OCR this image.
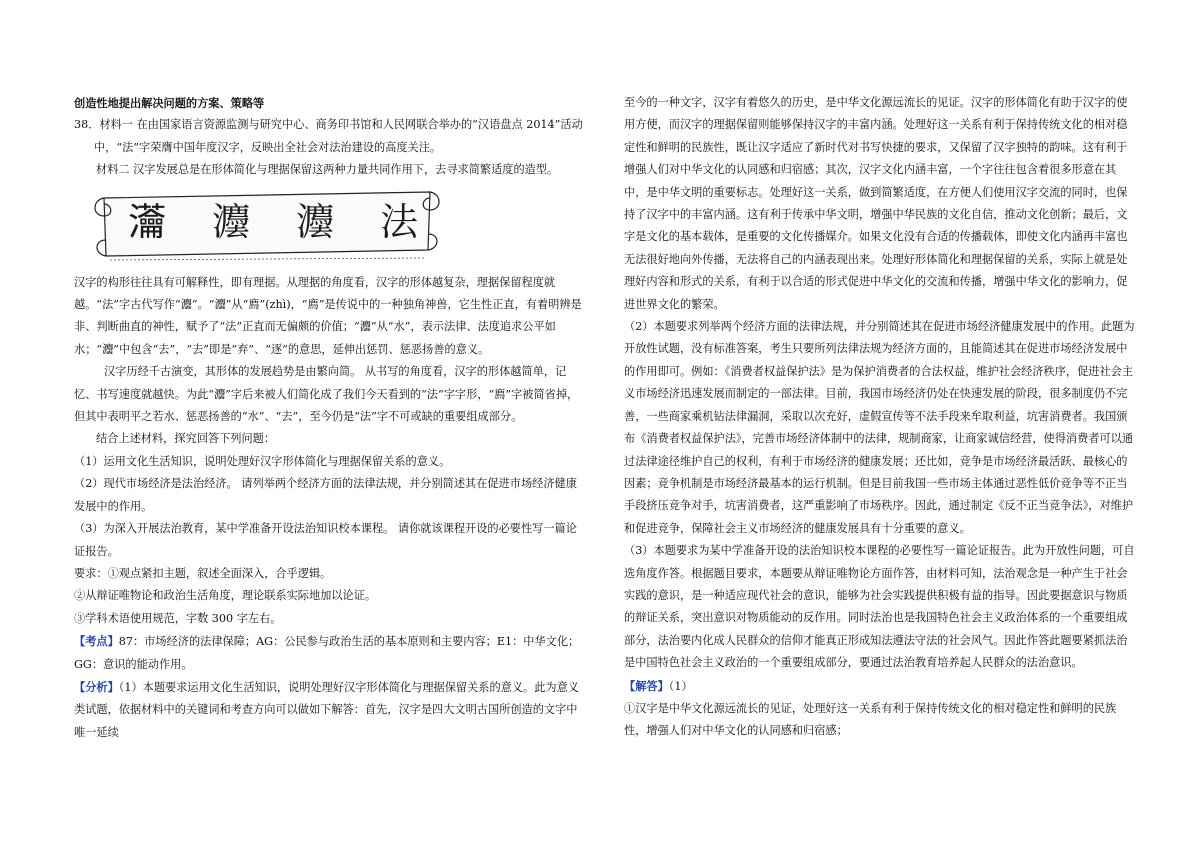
创造性地提出解决问题的方案、策略等

38．材料一 在由国家语言资源监测与研究中心、商务印书馆和人民网联合举办的“汉语盘点 2014”活动中，“法”字荣膺中国年度汉字，反映出全社会对法治建设的高度关注。

材料二 汉字发展总是在形体简化与理据保留这两种力量共同作用下，去寻求简繁适度的造型。

𤅢 灋 灋 法

汉字的构形往往具有可解释性，即有理据。从理据的角度看，汉字的形体越复杂，理据保留程度就越。“法”字古代写作“灋”。“灋”从“廌”(zhì)，“廌”是传说中的一种独角神兽，它生性正直，有着明辨是非、判断曲直的神性，赋予了“法”正直而无偏颇的价值；“灋”从“水”，表示法律、法度追求公平如水；“灋”中包含“去”，“去”即是“弃”、“逐”的意思，延伸出惩罚、惩恶扬善的意义。

汉字历经千古演变，其形体的发展趋势是由繁向简。 从书写的角度看，汉字的形体越简单，记忆、书写速度就越快。为此“灋”字后来被人们简化成了我们今天看到的“法”字字形，“廌”字被简省掉，但其中表明平之若水、惩恶扬善的“水”、“去”，至今仍是“法”字不可或缺的重要组成部分。

结合上述材料，探究回答下列问题：

（1）运用文化生活知识，说明处理好汉字形体简化与理据保留关系的意义。

（2）现代市场经济是法治经济。 请列举两个经济方面的法律法规，并分别简述其在促进市场经济健康发展中的作用。

（3）为深入开展法治教育，某中学准备开设法治知识校本课程。 请你就该课程开设的必要性写一篇论证报告。

要求：①观点紧扣主题，叙述全面深入，合乎逻辑。

②从辩证唯物论和政治生活角度，理论联系实际地加以论证。

③学科术语使用规范，字数 300 字左右。

【考点】87：市场经济的法律保障；AG：公民参与政治生活的基本原则和主要内容；E1：中华文化；GG：意识的能动作用。

【分析】（1）本题要求运用文化生活知识，说明处理好汉字形体简化与理据保留关系的意义。此为意义类试题，依据材料中的关键词和考查方向可以做如下解答：首先，汉字是四大文明古国所创造的文字中唯一延续

至今的一种文字，汉字有着悠久的历史，是中华文化源远流长的见证。汉字的形体简化有助于汉字的使用方便，而汉字的理据保留则能够保持汉字的丰富内涵。处理好这一关系有利于保持传统文化的相对稳定性和鲜明的民族性，既让汉字适应了新时代对书写快捷的要求，又保留了汉字独特的韵味。这有利于增强人们对中华文化的认同感和归宿感；其次，汉字文化内涵丰富，一个字往往包含着很多形意在其中，是中华文明的重要标志。处理好这一关系，做到简繁适度，在方便人们使用汉字交流的同时，也保持了汉字中的丰富内涵。这有利于传承中华文明，增强中华民族的文化自信，推动文化创新；最后，文字是文化的基本载体，是重要的文化传播媒介。如果文化没有合适的传播载体，即使文化内涵再丰富也无法很好地向外传播，无法将自己的内涵表现出来。处理好形体简化和理据保留的关系，实际上就是处理好内容和形式的关系，有利于以合适的形式促进中华文化的交流和传播，增强中华文化的影响力，促进世界文化的繁荣。

（2）本题要求列举两个经济方面的法律法规，并分别简述其在促进市场经济健康发展中的作用。此题为开放性试题，没有标准答案，考生只要所列法律法规为经济方面的，且能简述其在促进市场经济发展中的作用即可。例如：《消费者权益保护法》是为保护消费者的合法权益，维护社会经济秩序，促进社会主义市场经济迅速发展而制定的一部法律。目前，我国市场经济仍处在快速发展的阶段，很多制度仍不完善，一些商家乘机钻法律漏洞，采取以次充好，虚假宣传等不法手段来牟取利益，坑害消费者。我国颁布《消费者权益保护法》，完善市场经济体制中的法律，规制商家，让商家诚信经营，使得消费者可以通过法律途径维护自己的权利，有利于市场经济的健康发展；还比如，竞争是市场经济最活跃、最核心的因素；竞争机制是市场经济最基本的运行机制。但是目前我国一些市场主体通过恶性低价竞争等不正当手段挤压竞争对手，坑害消费者，这严重影响了市场秩序。因此，通过制定《反不正当竞争法》，对维护和促进竞争，保障社会主义市场经济的健康发展具有十分重要的意义。

（3）本题要求为某中学准备开设的法治知识校本课程的必要性写一篇论证报告。此为开放性问题，可自选角度作答。根据题目要求，本题要从辩证唯物论方面作答，由材料可知，法治观念是一种产生于社会实践的意识，是一种适应现代社会的意识，能够为社会实践提供积极有益的指导。因此要据意识与物质的辩证关系，突出意识对物质能动的反作用。同时法治也是我国特色社会主义政治体系的一个重要组成部分，法治要内化成人民群众的信仰才能真正形成知法遵法守法的社会风气。因此作答此题要紧抓法治是中国特色社会主义政治的一个重要组成部分，要通过法治教育培养起人民群众的法治意识。

【解答】（1）

①汉字是中华文化源远流长的见证，处理好这一关系有利于保持传统文化的相对稳定性和鲜明的民族性，增强人们对中华文化的认同感和归宿感；
